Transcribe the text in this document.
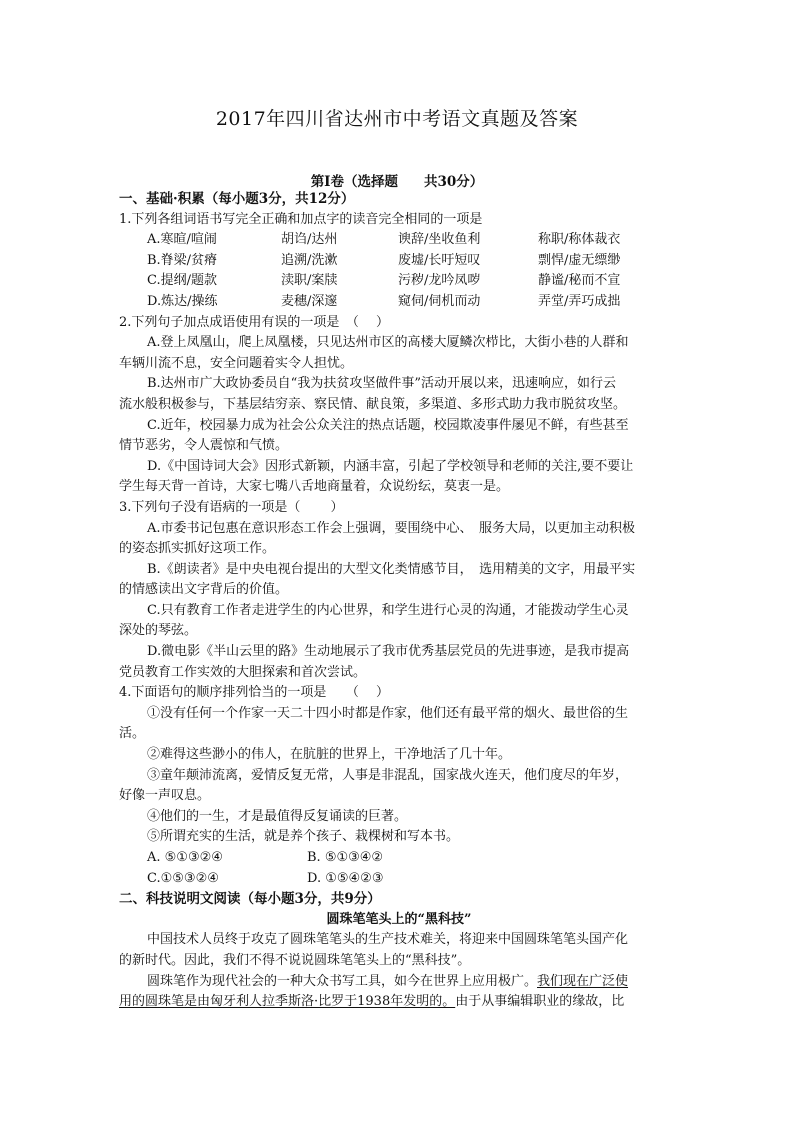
2017年四川省达州市中考语文真题及答案
第Ⅰ卷（选择题 共30分）
一、基础·积累（每小题3分，共12分）
1.下列各组词语书写完全正确和加点字的读音完全相同的一项是
A.寒暄/喧闹	胡诌/达州	谀辞/坐收鱼利	称职/称体裁衣
B.脊梁/贫瘠	追溯/洗漱	废墟/长吁短叹	剽悍/虚无缥缈
C.提纲/题款	渎职/案牍	污秽/龙吟凤哕	静谧/秘而不宣
D.炼达/操练	麦穗/深邃	窥伺/伺机而动	弄堂/弄巧成拙
2.下列句子加点成语使用有误的一项是　（　 ）
A.登上凤凰山，爬上凤凰楼，只见达州市区的高楼大厦鳞次栉比，大街小巷的人群和
车辆川流不息，安全问题着实令人担忧。
B.达州市广大政协委员自“我为扶贫攻坚做件事”活动开展以来，迅速响应，如行云
流水般积极参与，下基层结穷亲、察民情、献良策，多渠道、多形式助力我市脱贫攻坚。
C.近年，校园暴力成为社会公众关注的热点话题，校园欺凌事件屡见不鲜，有些甚至
情节恶劣，令人震惊和气愤。
D.《中国诗词大会》因形式新颖，内涵丰富，引起了学校领导和老师的关注,要不要让
学生每天背一首诗，大家七嘴八舌地商量着，众说纷纭，莫衷一是。
3.下列句子没有语病的一项是（　 　）
A.市委书记包惠在意识形态工作会上强调，要围绕中心、　服务大局，以更加主动积极
的姿态抓实抓好这项工作。
B.《朗读者》是中央电视台提出的大型文化类情感节目，　选用精美的文字，用最平实
的情感读出文字背后的价值。
C.只有教育工作者走进学生的内心世界，和学生进行心灵的沟通，才能拨动学生心灵
深处的琴弦。
D.微电影《半山云里的路》生动地展示了我市优秀基层党员的先进事迹，是我市提高
党员教育工作实效的大胆探索和首次尝试。
4.下面语句的顺序排列恰当的一项是　　（　 ）
①没有任何一个作家一天二十四小时都是作家，他们还有最平常的烟火、最世俗的生
活。
②难得这些渺小的伟人，在肮脏的世界上，干净地活了几十年。
③童年颠沛流离，爱情反复无常，人事是非混乱，国家战火连天，他们度尽的年岁，
好像一声叹息。
④他们的一生，才是最值得反复诵读的巨著。
⑤所谓充实的生活，就是养个孩子、栽棵树和写本书。
A. ⑤①③②④	B. ⑤①③④②
C.①⑤③②④	D. ①⑤④②③
二、科技说明文阅读（每小题3分，共9分）
圆珠笔笔头上的“黑科技”
中国技术人员终于攻克了圆珠笔笔头的生产技术难关，将迎来中国圆珠笔笔头国产化
的新时代。因此，我们不得不说说圆珠笔笔头上的“黑科技”。
圆珠笔作为现代社会的一种大众书写工具，如今在世界上应用极广。我们现在广泛使
用的圆珠笔是由匈牙利人拉季斯洛·比罗于1938年发明的。由于从事编辑职业的缘故，比
